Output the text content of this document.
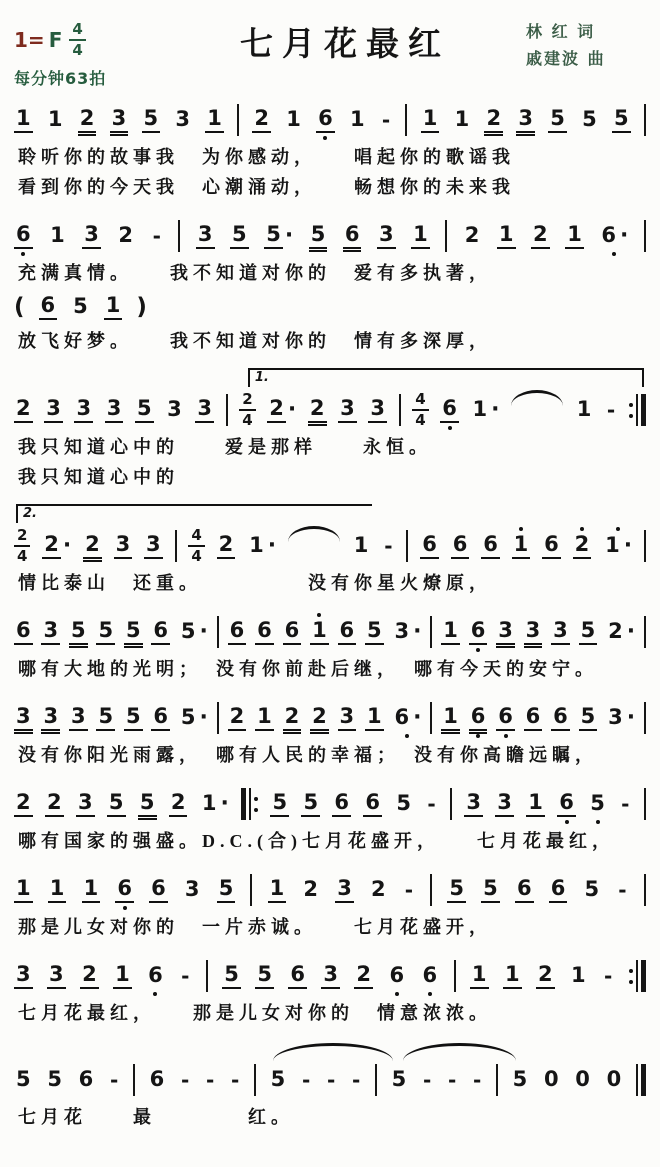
1= F $\frac{4}{4}$
每分钟63拍
七月花最红	林 红 词
戚建波 曲
1 1 2 3 5 3 1 2 1 6 1 - 1 1 2 3 5 5 5
聆听你的故事我　为你感动，　　唱起你的歌谣我
看到你的今天我　心潮涌动，　　畅想你的未来我
6 1 3 2 - 3 5 5 · 5 6 3 1 2 1 2 1 6 ·
充满真情。　　我不知道对你的　爱有多执著，
( 6 5 1 )
放飞好梦。　　我不知道对你的　情有多深厚，
1.
2 3 3 3 5 3 3 2
4
2 · 2 3 3 4
4
6 1 ·	1 -
我只知道心中的　　爱是那样　　永恒。
我只知道心中的
2.
2
4
2 · 2 3 3 4
4
2 1 ·	1 - 6 6 6 1 6 2 1 ·
情比泰山　还重。　　　　　没有你星火燎原，
6 3 5 5 5 6 5 · 6 6 6 1 6 5 3 · 1 6 3 3 3 5 2 ·
哪有大地的光明；　没有你前赴后继，　哪有今天的安宁。
3 3 3 5 5 6 5 · 2 1 2 2 3 1 6 · 1 6 6 6 6 5 3 ·
没有你阳光雨露，　哪有人民的幸福；　没有你高瞻远瞩，
2 2 3 5 5 2 1 · 5 5 6 6 5 - 3 3 1 6 5 -
哪有国家的强盛。D.C.(合)七月花盛开，　　七月花最红，
1 1 1 6 6 3 5 1 2 3 2 - 5 5 6 6 5 -
那是儿女对你的　一片赤诚。　　七月花盛开，
3 3 2 1 6 - 5 5 6 3 2 6 6 1 1 2 1 -
七月花最红，　　那是儿女对你的　情意浓浓。
5 5 6 - 6 - - - 5 - - - 5 - - - 5 0 0 0
七月花　　最　　　　红。
